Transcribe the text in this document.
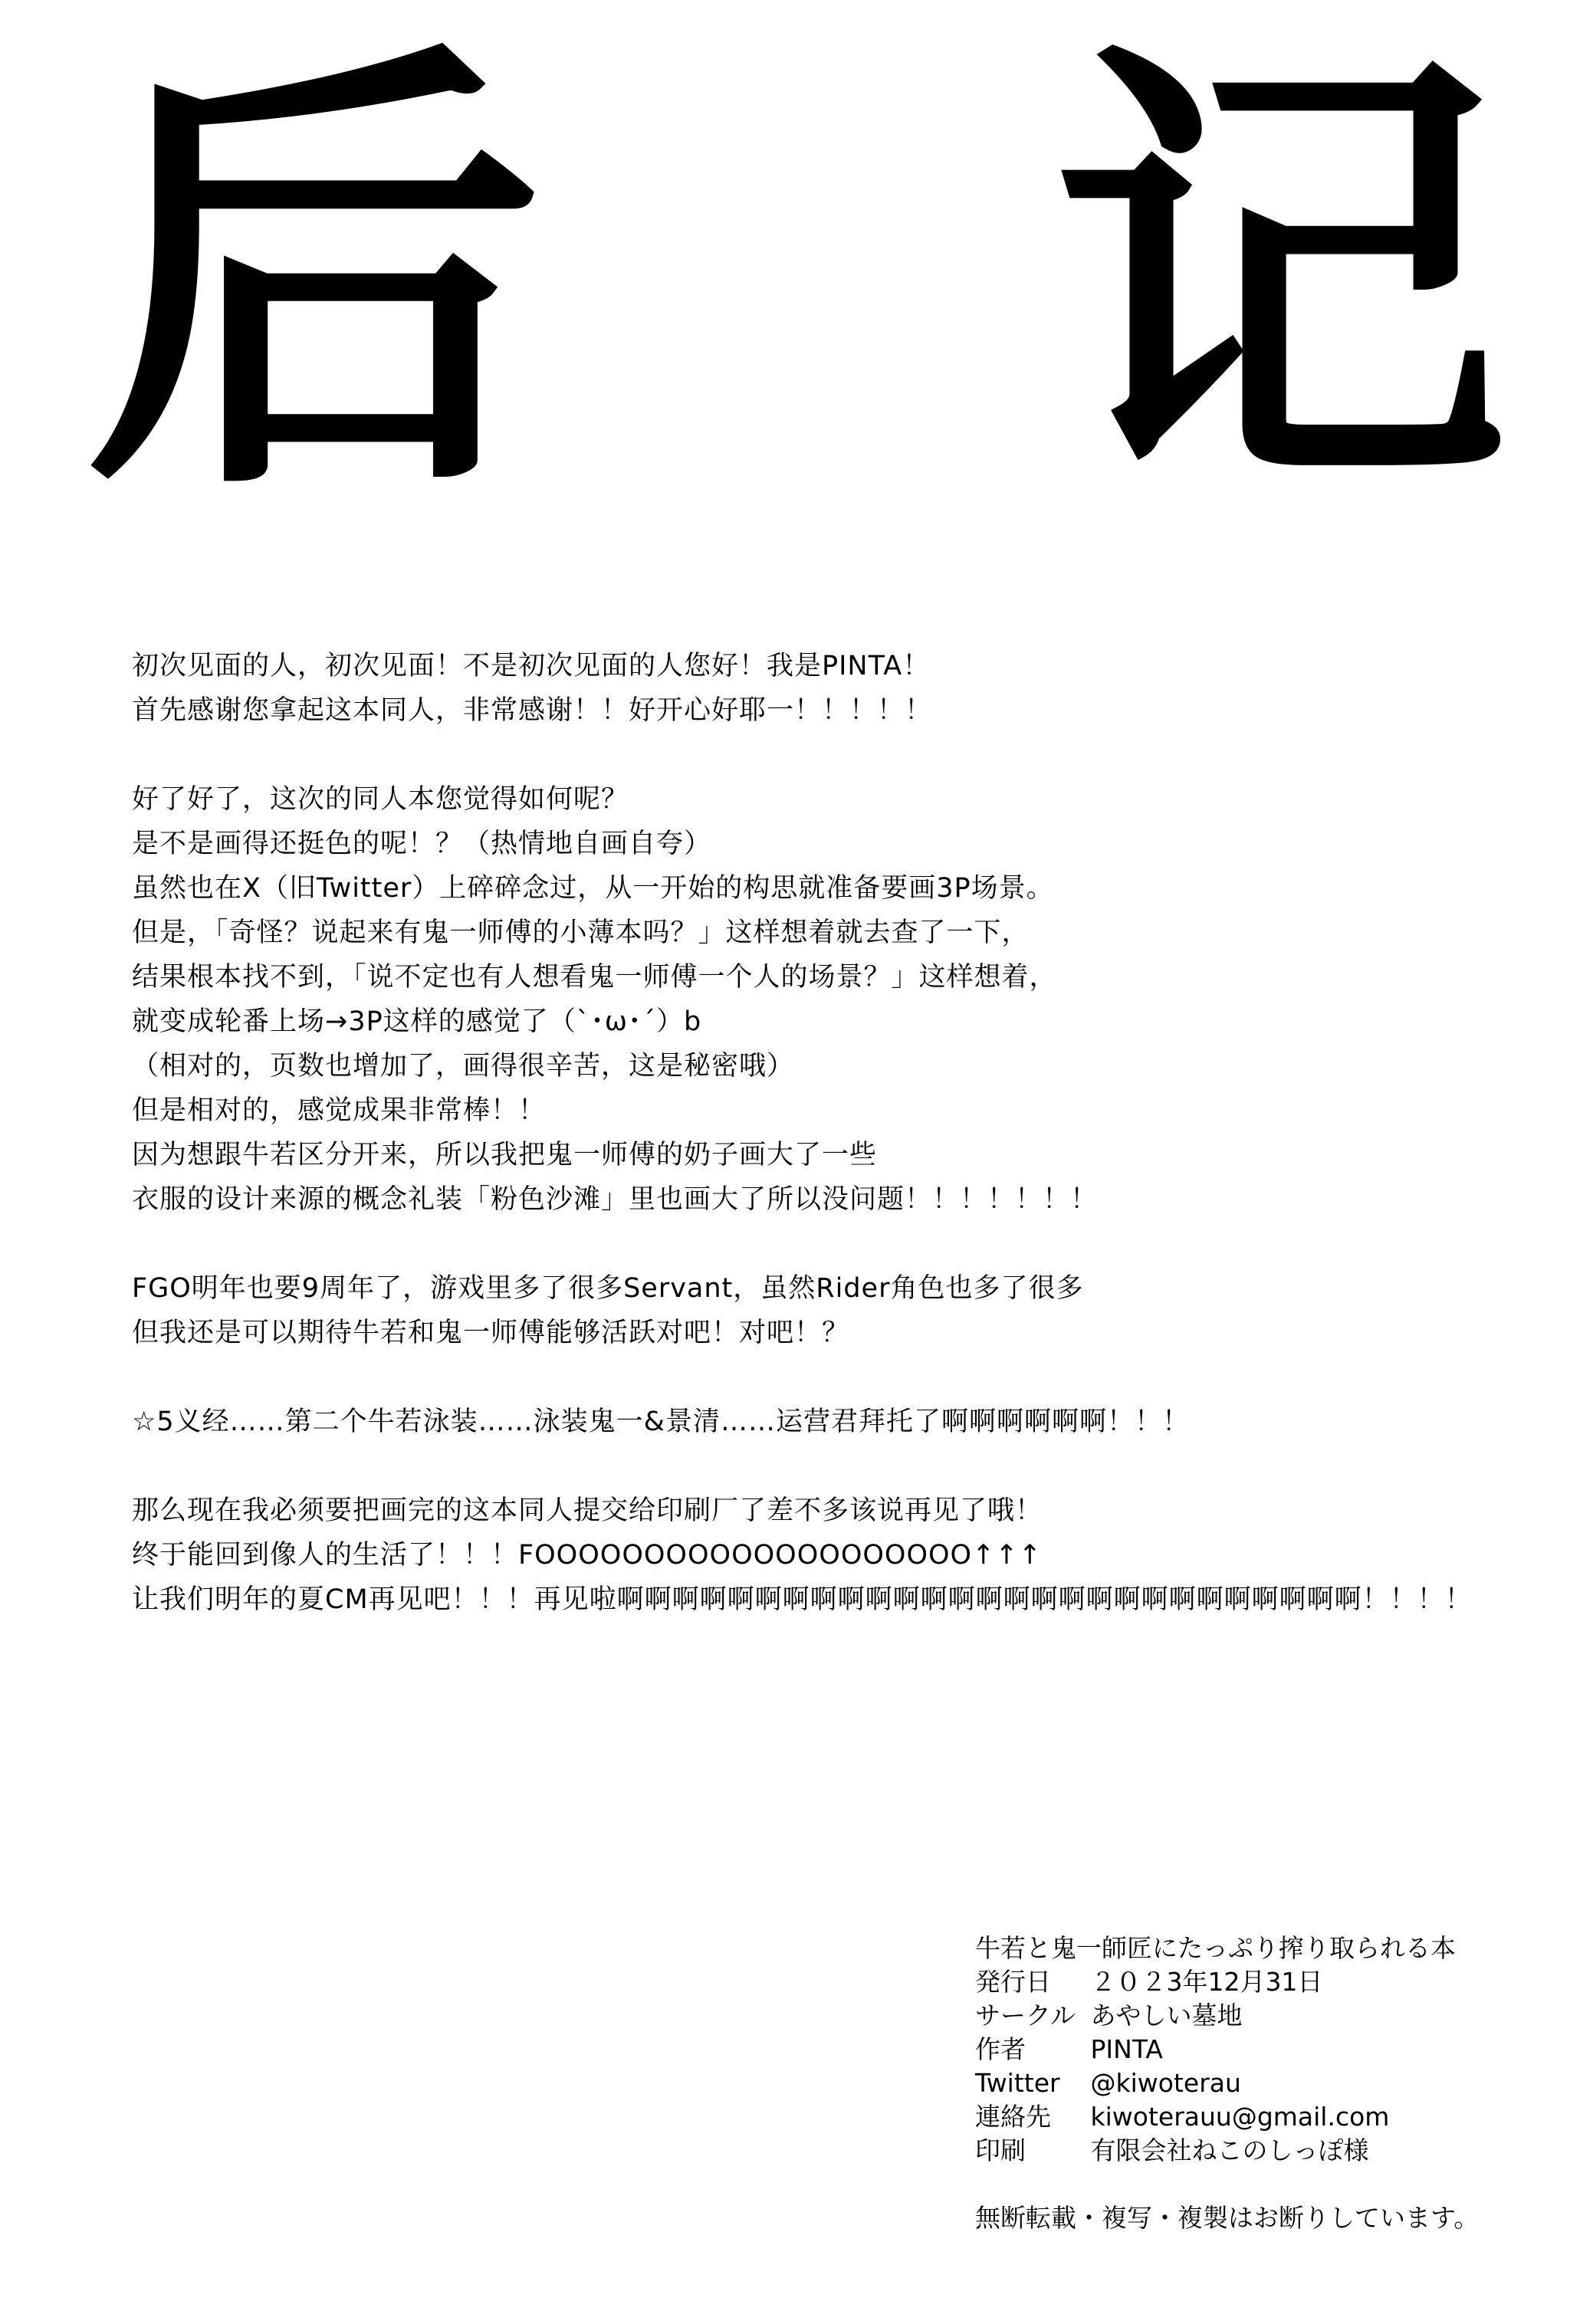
后 记
初次见面的人，初次见面！不是初次见面的人您好！我是PINTA！
首先感谢您拿起这本同人，非常感谢！！好开心好耶一！！！！！
好了好了，这次的同人本您觉得如何呢？
是不是画得还挺色的呢！？（热情地自画自夸）
虽然也在X（旧Twitter）上碎碎念过，从一开始的构思就准备要画3P场景。
但是，「奇怪？说起来有鬼一师傅的小薄本吗？」这样想着就去查了一下，
结果根本找不到，「说不定也有人想看鬼一师傅一个人的场景？」这样想着，
就变成轮番上场→3P这样的感觉了（`･ω･´）b
（相对的，页数也增加了，画得很辛苦，这是秘密哦）
但是相对的，感觉成果非常棒！！
因为想跟牛若区分开来，所以我把鬼一师傅的奶子画大了一些
衣服的设计来源的概念礼装「粉色沙滩」里也画大了所以没问题！！！！！！！
FGO明年也要9周年了，游戏里多了很多Servant，虽然Rider角色也多了很多
但我还是可以期待牛若和鬼一师傅能够活跃对吧！对吧！？
☆5义经……第二个牛若泳装……泳装鬼一&景清……运营君拜托了啊啊啊啊啊啊！！！
那么现在我必须要把画完的这本同人提交给印刷厂了差不多该说再见了哦！
终于能回到像人的生活了！！！FOOOOOOOOOOOOOOOOOOOO↑↑↑
让我们明年的夏CM再见吧！！！再见啦啊啊啊啊啊啊啊啊啊啊啊啊啊啊啊啊啊啊啊啊啊啊啊啊啊啊啊！！！！
牛若と鬼一師匠にたっぷり搾り取られる本
発行日 ２０２3年12月31日
サークル あやしい墓地
作者	PINTA
Twitter @kiwoterau
連絡先 kiwoterauu@gmail.com
印刷	有限会社ねこのしっぽ様
無断転載・複写・複製はお断りしています。
